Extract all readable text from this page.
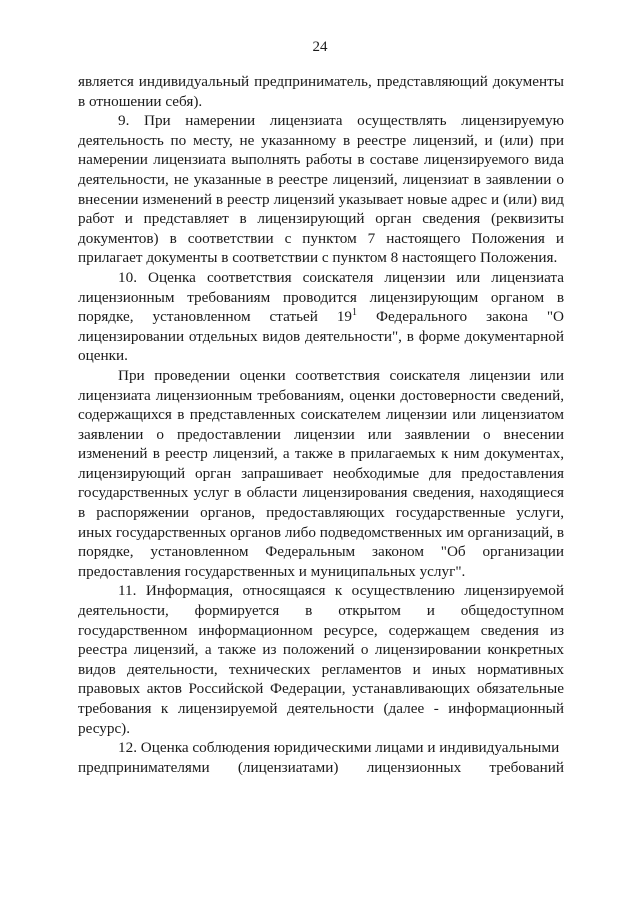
24

является индивидуальный предприниматель, представляющий документы в отношении себя).

9. При намерении лицензиата осуществлять лицензируемую деятельность по месту, не указанному в реестре лицензий, и (или) при намерении лицензиата выполнять работы в составе лицензируемого вида деятельности, не указанные в реестре лицензий, лицензиат в заявлении о внесении изменений в реестр лицензий указывает новые адрес и (или) вид работ и представляет в лицензирующий орган сведения (реквизиты документов) в соответствии с пунктом 7 настоящего Положения и прилагает документы в соответствии с пунктом 8 настоящего Положения.

10. Оценка соответствия соискателя лицензии или лицензиата лицензионным требованиям проводится лицензирующим органом в порядке, установленном статьей $19^1$ Федерального закона "О лицензировании отдельных видов деятельности", в форме документарной оценки.

При проведении оценки соответствия соискателя лицензии или лицензиата лицензионным требованиям, оценки достоверности сведений, содержащихся в представленных соискателем лицензии или лицензиатом заявлении о предоставлении лицензии или заявлении о внесении изменений в реестр лицензий, а также в прилагаемых к ним документах, лицензирующий орган запрашивает необходимые для предоставления государственных услуг в области лицензирования сведения, находящиеся в распоряжении органов, предоставляющих государственные услуги, иных государственных органов либо подведомственных им организаций, в порядке, установленном Федеральным законом "Об организации предоставления государственных и муниципальных услуг".

11. Информация, относящаяся к осуществлению лицензируемой деятельности, формируется в открытом и общедоступном государственном информационном ресурсе, содержащем сведения из реестра лицензий, а также из положений о лицензировании конкретных видов деятельности, технических регламентов и иных нормативных правовых актов Российской Федерации, устанавливающих обязательные требования к лицензируемой деятельности (далее - информационный ресурс).

12. Оценка соблюдения юридическими лицами и индивидуальными
предпринимателями (лицензиатами) лицензионных требований
